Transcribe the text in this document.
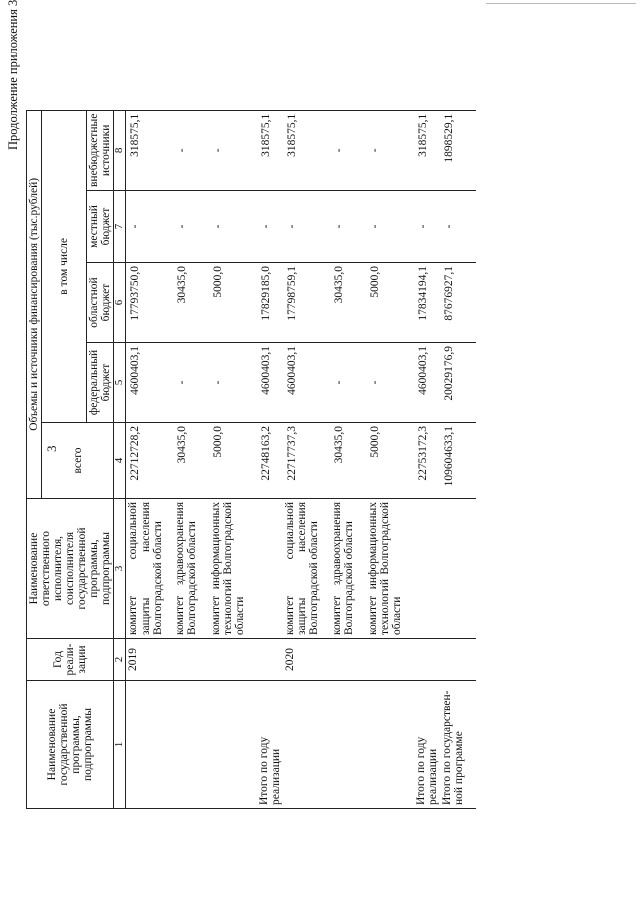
3
Продолжение приложения 3
Наименование государственной программы, подпрограммы	Год реали-зации	Наименование ответственного исполнителя, соисполнителя государственной программы, подпрограммы	Объемы и источники финансирования (тыс.рублей)				
			всего	в том числе			
				федеральный бюджет	областной бюджет	местный бюджет	внебюджетные источники
1	2	3	4	5	6	7	8
	2019	комитет социальной защиты населения Волгоградской области	22712728,2	4600403,1	17793750,0	-	318575,1
		комитет здравоохранения Волгоградской области	30435,0	-	30435,0	-	-
		комитет информационных технологий Волгоградской области	5000,0	-	5000,0	-	-
Итого по году реализации			22748163,2	4600403,1	17829185,0	-	318575,1
	2020	комитет социальной защиты населения Волгоградской области	22717737,3	4600403,1	17798759,1	-	318575,1
		комитет здравоохранения Волгоградской области	30435,0	-	30435,0	-	-
		комитет информационных технологий Волгоградской области	5000,0	-	5000,0	-	-
Итого по году реализации			22753172,3	4600403,1	17834194,1	-	318575,1
Итого по государствен-ной программе			109604633,1	20029176,9	87676927,1	-	1898529,1
